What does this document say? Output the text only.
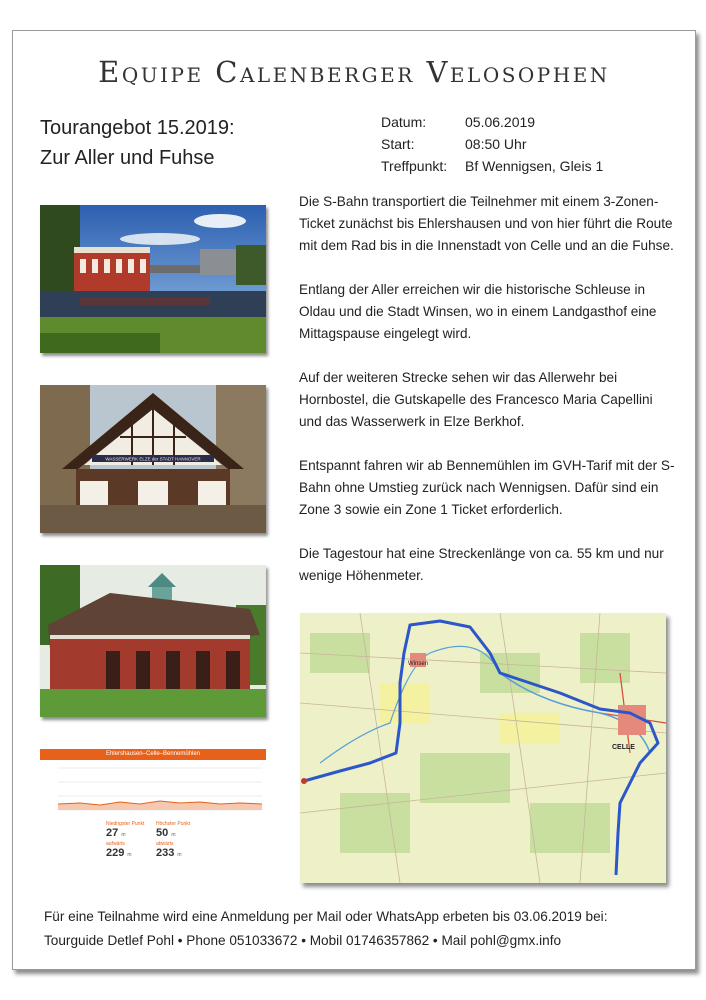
Equipe Calenberger Velosophen
Tourangebot 15.2019:
Zur Aller und Fuhse
Datum:	05.06.2019
Start:	08:50 Uhr
Treffpunkt:	Bf Wennigsen, Gleis 1
WASSERWERK ELZE der STADT HANNOVER
Ehlershausen–Celle–Bennemühlen
Niedrigster Punkt
27 m
Höchster Punkt
50 m
aufwärts
229 m
abwärts
233 m

Die S-Bahn transportiert die Teilnehmer mit einem 3-Zonen-Ticket zunächst bis Ehlershausen und von hier führt die Route mit dem Rad bis in die Innenstadt von Celle und an die Fuhse.

Entlang der Aller erreichen wir die historische Schleuse in Oldau und die Stadt Winsen, wo in einem Landgasthof eine Mittagspause eingelegt wird.

Auf der weiteren Strecke sehen wir das Allerwehr bei Hornbostel, die Gutskapelle des Francesco Maria Capellini und das Wasserwerk in Elze Berkhof.

Entspannt fahren wir ab Bennemühlen im GVH-Tarif mit der S-Bahn ohne Umstieg zurück nach Wennigsen. Dafür sind ein Zone 3 sowie ein Zone 1 Ticket erforderlich.

Die Tagestour hat eine Streckenlänge von ca. 55 km und nur wenige Höhenmeter.

CELLE
Winsen
Für eine Teilnahme wird eine Anmeldung per Mail oder WhatsApp erbeten bis 03.06.2019 bei:
Tourguide Detlef Pohl • Phone 051033672 • Mobil 01746357862 • Mail pohl@gmx.info
